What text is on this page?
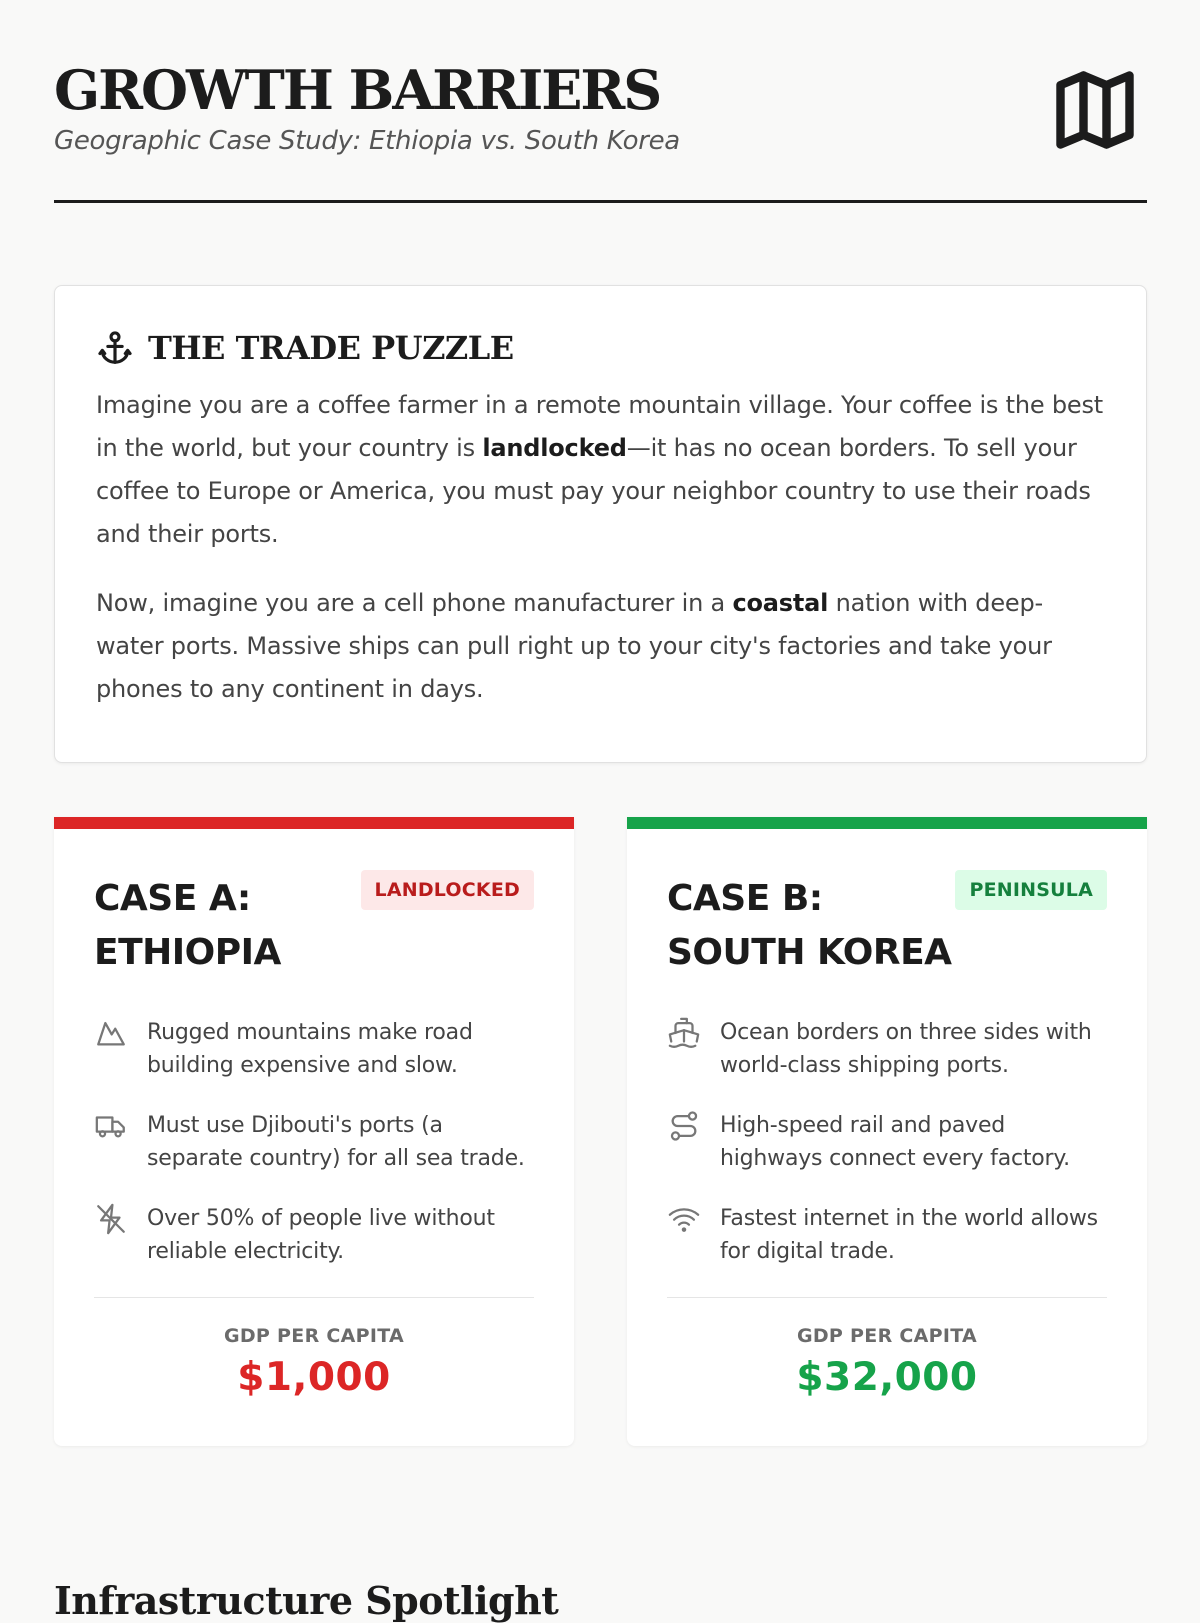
GROWTH BARRIERS
Geographic Case Study: Ethiopia vs. South Korea
THE TRADE PUZZLE

Imagine you are a coffee farmer in a remote mountain village. Your coffee is the best in the world, but your country is landlocked—it has no ocean borders. To sell your coffee to Europe or America, you must pay your neighbor country to use their roads and their ports.

Now, imagine you are a cell phone manufacturer in a coastal nation with deep-water ports. Massive ships can pull right up to your city's factories and take your phones to any continent in days.

CASE A:
ETHIOPIA
LANDLOCKED
Rugged mountains make road building expensive and slow.
Must use Djibouti's ports (a separate country) for all sea trade.
Over 50% of people live without reliable electricity.
GDP PER CAPITA
$1,000
CASE B:
SOUTH KOREA
PENINSULA
Ocean borders on three sides with world-class shipping ports.
High-speed rail and paved highways connect every factory.
Fastest internet in the world allows for digital trade.
GDP PER CAPITA
$32,000
Infrastructure Spotlight
